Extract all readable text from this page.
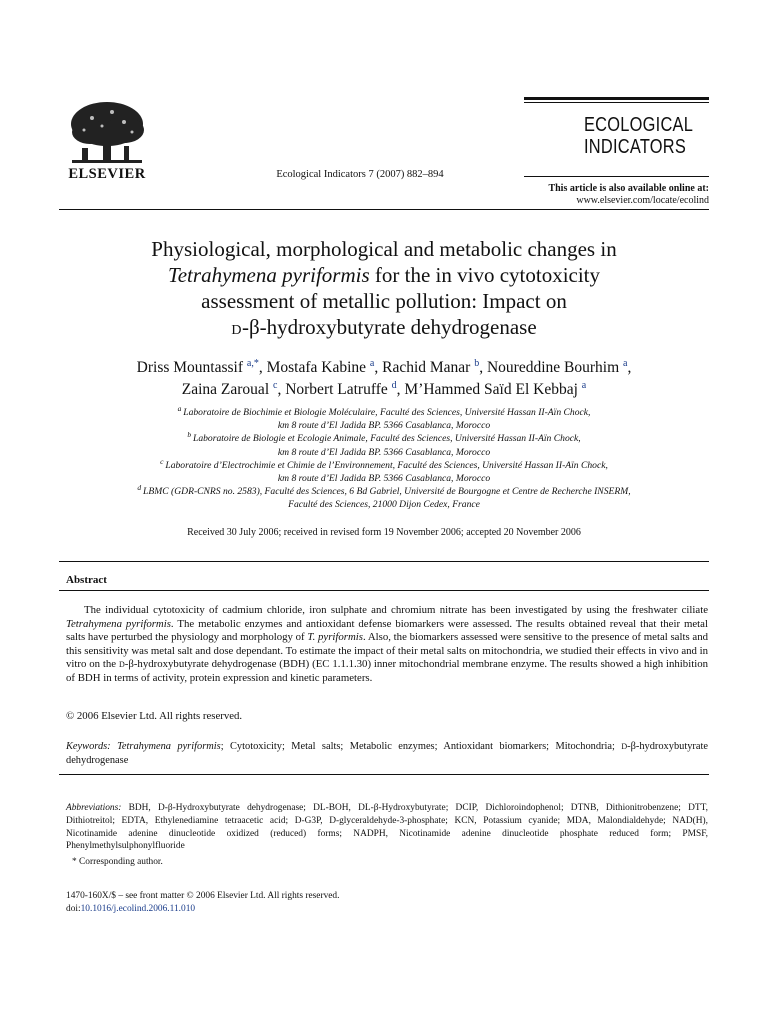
ELSEVIER	Ecological Indicators 7 (2007) 882–894
ECOLOGICAL
INDICATORS
This article is also available online at:
www.elsevier.com/locate/ecolind
Physiological, morphological and metabolic changes in
Tetrahymena pyriformis for the in vivo cytotoxicity
assessment of metallic pollution: Impact on
D-β-hydroxybutyrate dehydrogenase
Driss Mountassif $^{a,*}$, Mostafa Kabine $^a$, Rachid Manar $^b$, Noureddine Bourhim $^a$,
Zaina Zaroual $^c$, Norbert Latruffe $^d$, M’Hammed Saïd El Kebbaj $^a$
$^a$  Laboratoire de Biochimie et Biologie Moléculaire, Faculté des Sciences, Université Hassan II-Aïn Chock,
km 8 route d’El Jadida BP. 5366 Casablanca, Morocco
$^b$  Laboratoire de Biologie et Ecologie Animale, Faculté des Sciences, Université Hassan II-Aïn Chock,
km 8 route d’El Jadida BP. 5366 Casablanca, Morocco
$^c$  Laboratoire d’Electrochimie et Chimie de l’Environnement, Faculté des Sciences, Université Hassan II-Aïn Chock,
km 8 route d’El Jadida BP. 5366 Casablanca, Morocco
$^d$  LBMC (GDR-CNRS no. 2583), Faculté des Sciences, 6 Bd Gabriel, Université de Bourgogne et Centre de Recherche INSERM,
Faculté des Sciences, 21000 Dijon Cedex, France
Received 30 July 2006; received in revised form 19 November 2006; accepted 20 November 2006
Abstract

The individual cytotoxicity of cadmium chloride, iron sulphate and chromium nitrate has been investigated by using the freshwater ciliate Tetrahymena pyriformis. The metabolic enzymes and antioxidant defense biomarkers were assessed. The results obtained reveal that their metal salts have perturbed the physiology and morphology of T. pyriformis. Also, the biomarkers assessed were sensitive to the presence of metal salts and this sensitivity was metal salt and dose dependant. To estimate the impact of their metal salts on mitochondria, we studied their effects in vivo and in vitro on the D-β-hydroxybutyrate dehydrogenase (BDH) (EC 1.1.1.30) inner mitochondrial membrane enzyme. The results showed a high inhibition of BDH in terms of activity, protein expression and kinetic parameters.

© 2006 Elsevier Ltd. All rights reserved.
Keywords: Tetrahymena pyriformis; Cytotoxicity; Metal salts; Metabolic enzymes; Antioxidant biomarkers; Mitochondria; D-β-hydroxybutyrate dehydrogenase
Abbreviations: BDH, D-β-Hydroxybutyrate dehydrogenase; DL-BOH, DL-β-Hydroxybutyrate; DCIP, Dichloroindophenol; DTNB, Dithionitrobenzene; DTT, Dithiotreitol; EDTA, Ethylenediamine tetraacetic acid; D-G3P, D-glyceraldehyde-3-phosphate; KCN, Potassium cyanide; MDA, Malondialdehyde; NAD(H), Nicotinamide adenine dinucleotide oxidized (reduced) forms; NADPH, Nicotinamide adenine dinucleotide phosphate reduced form; PMSF, Phenylmethylsulphonylfluoride
* Corresponding author.
1470-160X/$ – see front matter © 2006 Elsevier Ltd. All rights reserved.
doi:10.1016/j.ecolind.2006.11.010
